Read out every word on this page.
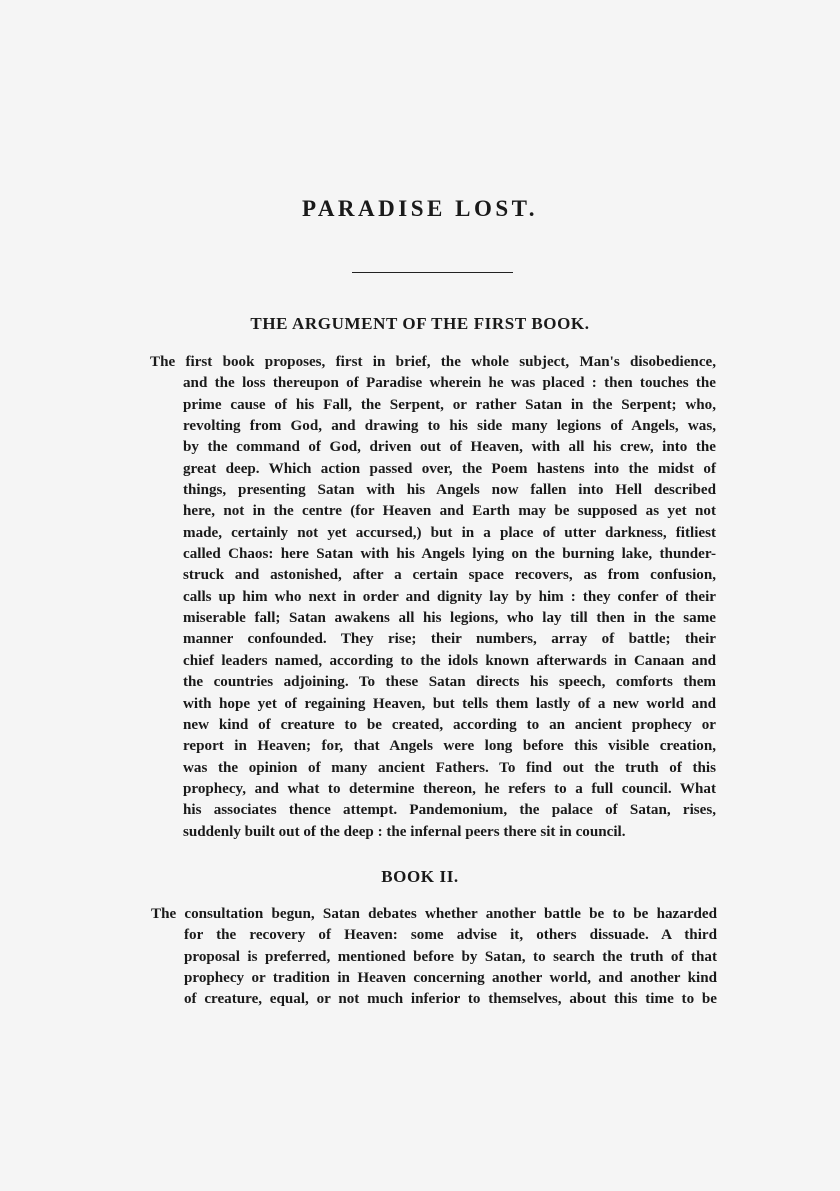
PARADISE LOST.
THE ARGUMENT OF THE FIRST BOOK.
The first book proposes, first in brief, the whole subject, Man's disobedience,
and the loss thereupon of Paradise wherein he was placed : then touches the
prime cause of his Fall, the Serpent, or rather Satan in the Serpent; who,
revolting from God, and drawing to his side many legions of Angels, was,
by the command of God, driven out of Heaven, with all his crew, into the
great deep. Which action passed over, the Poem hastens into the midst of
things, presenting Satan with his Angels now fallen into Hell described
here, not in the centre (for Heaven and Earth may be supposed as yet not
made, certainly not yet accursed,) but in a place of utter darkness, fitliest
called Chaos: here Satan with his Angels lying on the burning lake, thunder-
struck and astonished, after a certain space recovers, as from confusion,
calls up him who next in order and dignity lay by him : they confer of their
miserable fall; Satan awakens all his legions, who lay till then in the same
manner confounded. They rise; their numbers, array of battle; their
chief leaders named, according to the idols known afterwards in Canaan and
the countries adjoining. To these Satan directs his speech, comforts them
with hope yet of regaining Heaven, but tells them lastly of a new world and
new kind of creature to be created, according to an ancient prophecy or
report in Heaven; for, that Angels were long before this visible creation,
was the opinion of many ancient Fathers. To find out the truth of this
prophecy, and what to determine thereon, he refers to a full council. What
his associates thence attempt. Pandemonium, the palace of Satan, rises,
suddenly built out of the deep : the infernal peers there sit in council.
BOOK II.
The consultation begun, Satan debates whether another battle be to be hazarded
for the recovery of Heaven: some advise it, others dissuade. A third
proposal is preferred, mentioned before by Satan, to search the truth of that
prophecy or tradition in Heaven concerning another world, and another kind
of creature, equal, or not much inferior to themselves, about this time to be
